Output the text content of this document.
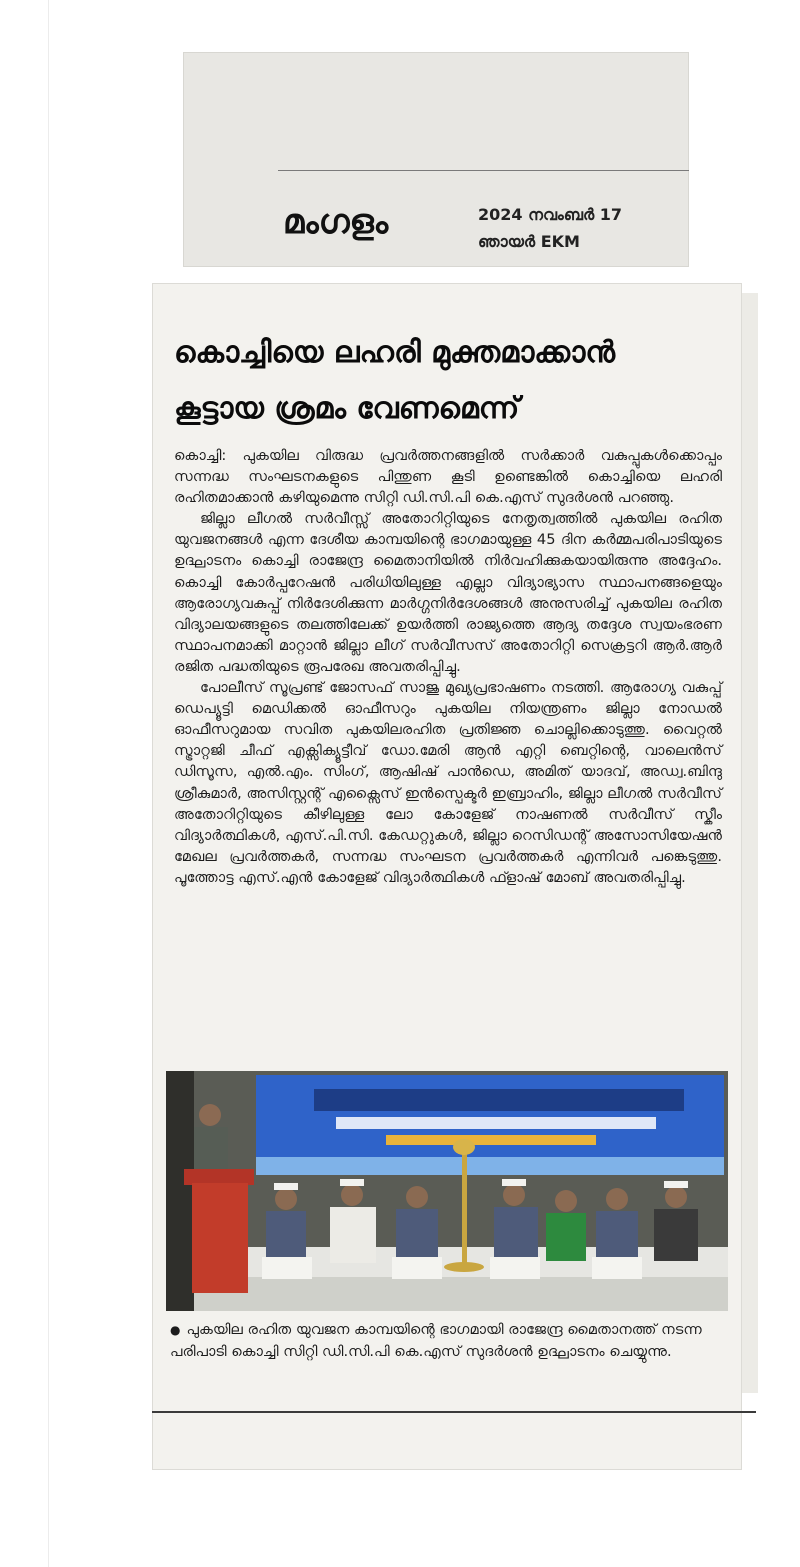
മംഗളം	2024 നവംബർ 17
ഞായർ EKM
കൊച്ചിയെ ലഹരി മുക്തമാക്കാൻ
കൂട്ടായ ശ്രമം വേണമെന്ന്

കൊച്ചി: പുകയില വിരുദ്ധ പ്രവർത്തനങ്ങളിൽ സർക്കാർ വകുപ്പുകൾക്കൊപ്പം സന്നദ്ധ സംഘടനകളുടെ പിന്തുണ കൂടി ഉണ്ടെങ്കിൽ കൊച്ചിയെ ലഹരി രഹിതമാക്കാൻ കഴിയുമെന്നു സിറ്റി ഡി.സി.പി കെ.എസ് സുദർശൻ പറഞ്ഞു.

ജില്ലാ ലീഗൽ സർവീസ്സ് അതോറിറ്റിയുടെ നേതൃത്വത്തിൽ പുകയില രഹിത യുവജനങ്ങൾ എന്ന ദേശീയ കാമ്പയിന്റെ ഭാഗമായുള്ള 45 ദിന കർമ്മപരിപാടിയുടെ ഉദ്ഘാടനം കൊച്ചി രാജേന്ദ്ര മൈതാനിയിൽ നിർവഹിക്കുകയായിരുന്നു അദ്ദേഹം. കൊച്ചി കോർപ്പറേഷൻ പരിധിയിലുള്ള എല്ലാ വിദ്യാഭ്യാസ സ്ഥാപനങ്ങളെയും ആരോഗ്യവകുപ്പ് നിർദേശിക്കുന്ന മാർഗ്ഗനിർദേശങ്ങൾ അനുസരിച്ച് പുകയില രഹിത വിദ്യാലയങ്ങളുടെ തലത്തിലേക്ക് ഉയർത്തി രാജ്യത്തെ ആദ്യ തദ്ദേശ സ്വയംഭരണ സ്ഥാപനമാക്കി മാറ്റാൻ ജില്ലാ ലീഗ് സർവീസസ് അതോറിറ്റി സെക്രട്ടറി ആർ.ആർ രജിത പദ്ധതിയുടെ രൂപരേഖ അവതരിപ്പിച്ചു.

പോലീസ് സൂപ്രണ്ട് ജോസഫ് സാജു മുഖ്യപ്രഭാഷണം നടത്തി. ആരോഗ്യ വകുപ്പ് ഡെപ്യൂട്ടി മെഡിക്കൽ ഓഫീസറും പുകയില നിയന്ത്രണം ജില്ലാ നോഡൽ ഓഫീസറുമായ സവിത പുകയിലരഹിത പ്രതിജ്ഞ ചൊല്ലിക്കൊടുത്തു. വൈറ്റൽ സ്ട്രാറ്റജി ചീഫ് എക്സിക്യൂട്ടീവ് ഡോ.മേരി ആൻ എറ്റി ബെറ്റിന്റെ, വാലെൻസ് ഡിസൂസ, എൽ.എം. സിംഗ്, ആഷിഷ് പാൻഡെ, അമിത് യാദവ്, അഡ്വ.ബിന്ദു ശ്രീകുമാർ, അസിസ്റ്റന്റ് എക്സൈസ് ഇൻസ്പെക്ടർ ഇബ്രാഹിം, ജില്ലാ ലീഗൽ സർവീസ് അതോറിറ്റിയുടെ കീഴിലുള്ള ലോ കോളേജ് നാഷണൽ സർവീസ് സ്കീം വിദ്യാർത്ഥികൾ, എസ്.പി.സി. കേഡറ്റുകൾ, ജില്ലാ റെസിഡന്റ് അസോസിയേഷൻ മേഖല പ്രവർത്തകർ, സന്നദ്ധ സംഘടന പ്രവർത്തകർ എന്നിവർ പങ്കെടുത്തു. പൂത്തോട്ട എസ്.എൻ കോളേജ് വിദ്യാർത്ഥികൾ ഫ്ളാഷ് മോബ് അവതരിപ്പിച്ചു.

● പുകയില രഹിത യുവജന കാമ്പയിന്റെ ഭാഗമായി രാജേന്ദ്ര മൈതാനത്ത് നടന്ന പരിപാടി കൊച്ചി സിറ്റി ഡി.സി.പി കെ.എസ് സുദർശൻ ഉദ്ഘാടനം ചെയ്യുന്നു.
